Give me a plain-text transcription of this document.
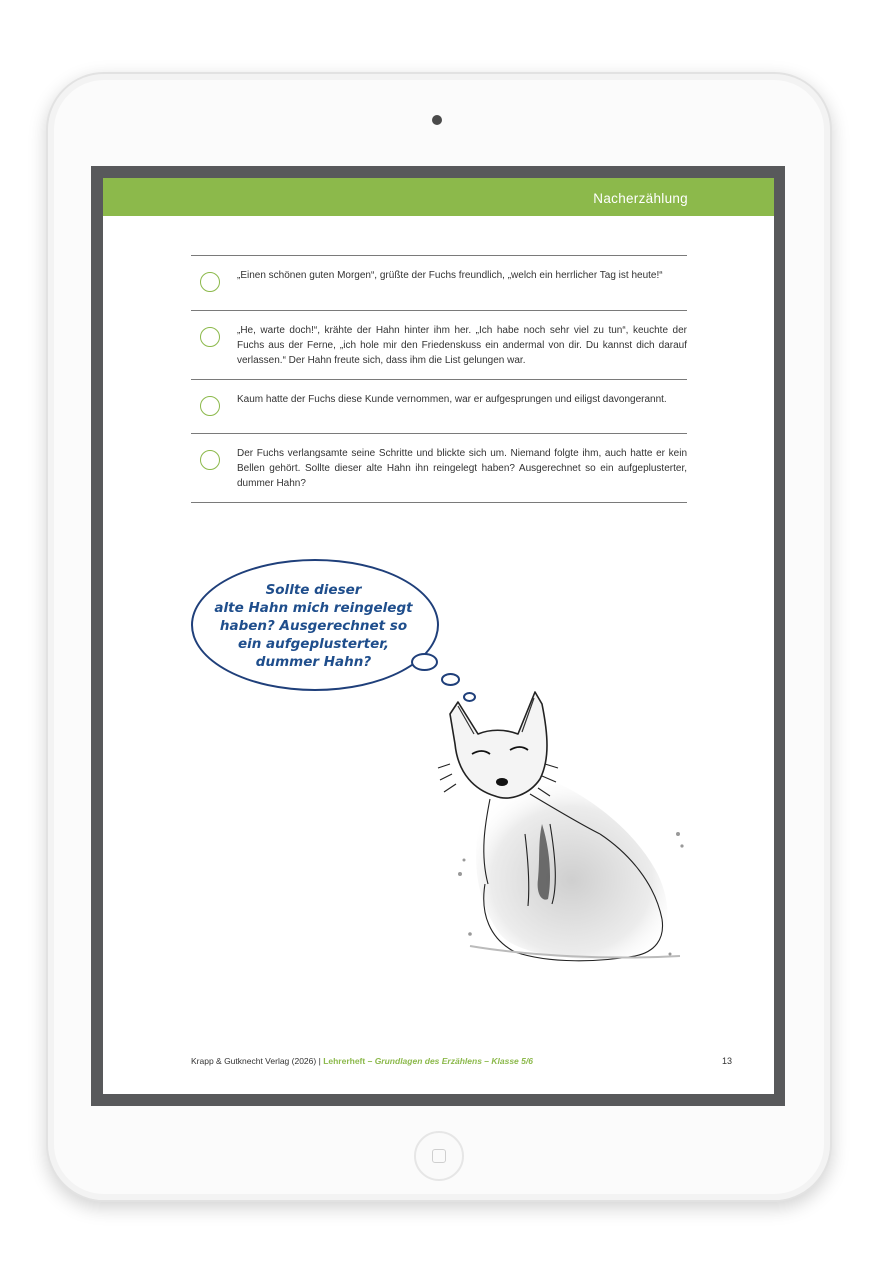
Nacherzählung
„Einen schönen guten Morgen“, grüßte der Fuchs freundlich, „welch ein herrlicher Tag ist heute!“
„He, warte doch!“, krähte der Hahn hinter ihm her. „Ich habe noch sehr viel zu tun“, keuchte der Fuchs aus der Ferne, „ich hole mir den Friedenskuss ein andermal von dir. Du kannst dich darauf verlassen.“ Der Hahn freute sich, dass ihm die List gelungen war.
Kaum hatte der Fuchs diese Kunde vernommen, war er aufgesprungen und eiligst davongerannt.
Der Fuchs verlangsamte seine Schritte und blickte sich um. Niemand folgte ihm, auch hatte er kein Bellen gehört. Sollte dieser alte Hahn ihn reingelegt haben? Ausgerechnet so ein aufgeplusterter, dummer Hahn?
Sollte dieser
alte Hahn mich reingelegt
haben? Ausgerechnet so
ein aufgeplusterter,
dummer Hahn?
Krapp & Gutknecht Verlag (2026) | Lehrerheft – Grundlagen des Erzählens – Klasse 5/6	13
